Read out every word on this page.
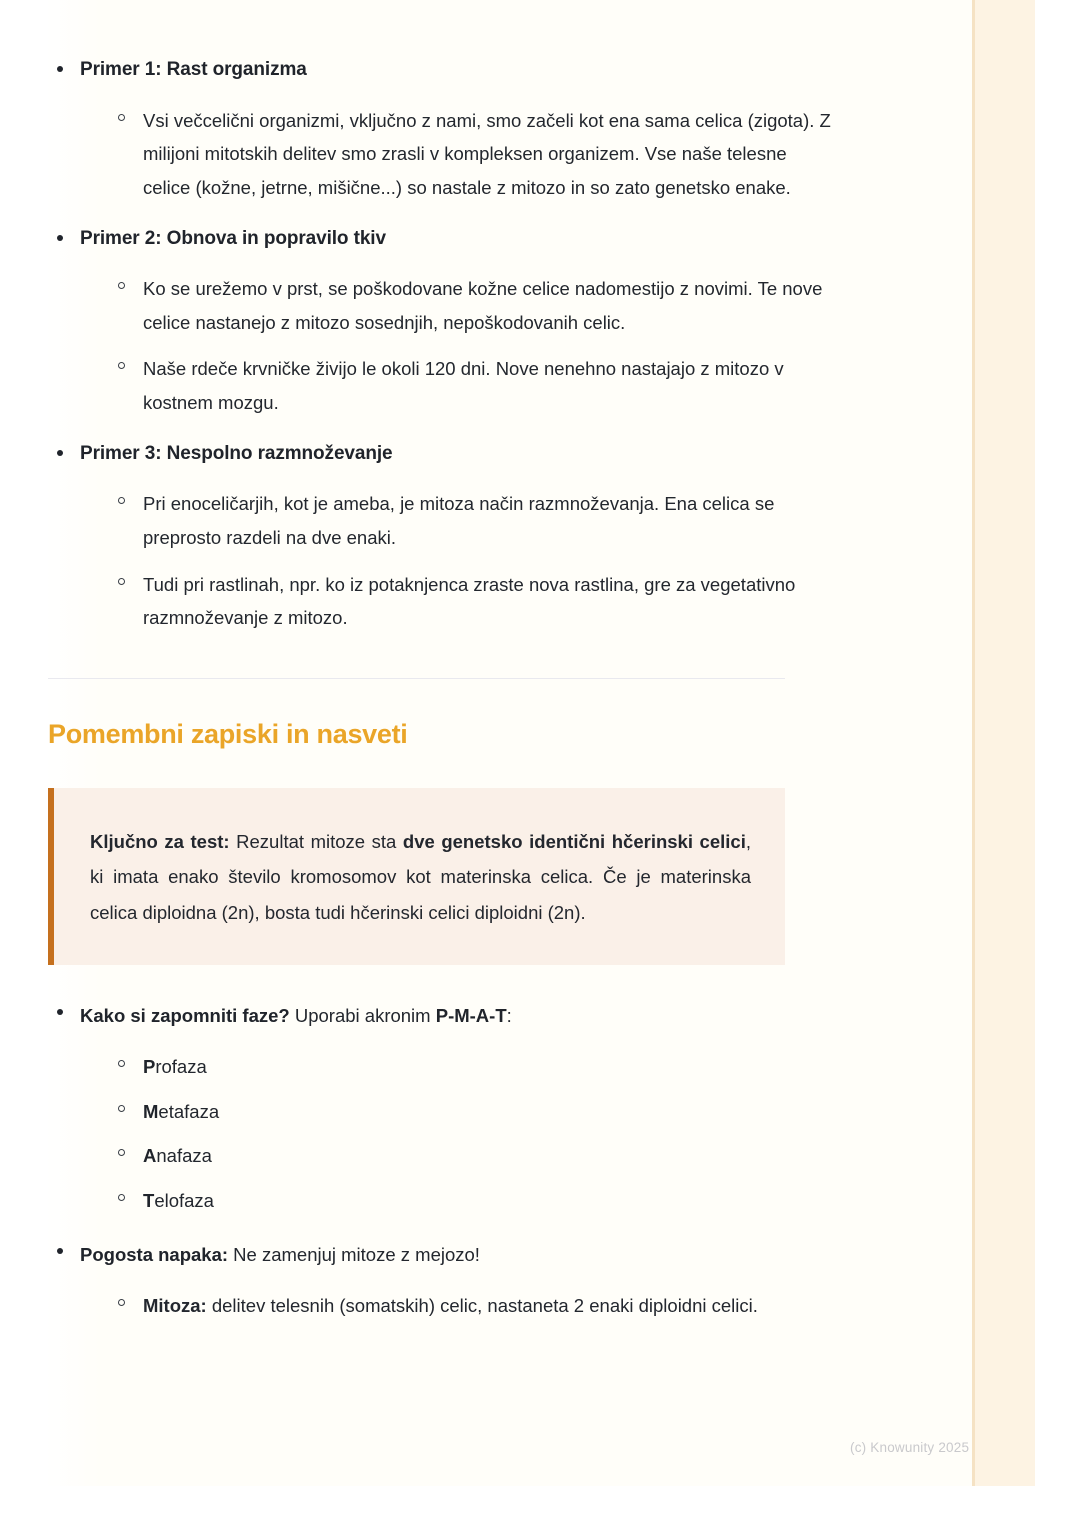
Primer 1: Rast organizma
Vsi večcelični organizmi, vključno z nami, smo začeli kot ena sama celica (zigota). Z milijoni mitotskih delitev smo zrasli v kompleksen organizem. Vse naše telesne celice (kožne, jetrne, mišične...) so nastale z mitozo in so zato genetsko enake.
Primer 2: Obnova in popravilo tkiv
Ko se urežemo v prst, se poškodovane kožne celice nadomestijo z novimi. Te nove celice nastanejo z mitozo sosednjih, nepoškodovanih celic.
Naše rdeče krvničke živijo le okoli 120 dni. Nove nenehno nastajajo z mitozo v kostnem mozgu.
Primer 3: Nespolno razmnoževanje
Pri enoceličarjih, kot je ameba, je mitoza način razmnoževanja. Ena celica se preprosto razdeli na dve enaki.
Tudi pri rastlinah, npr. ko iz potaknjenca zraste nova rastlina, gre za vegetativno razmnoževanje z mitozo.
Pomembni zapiski in nasveti

Ključno za test: Rezultat mitoze sta dve genetsko identični hčerinski celici, ki imata enako število kromosomov kot materinska celica. Če je materinska celica diploidna (2n), bosta tudi hčerinski celici diploidni (2n).

Kako si zapomniti faze? Uporabi akronim P-M-A-T:
Profaza
Metafaza
Anafaza
Telofaza
Pogosta napaka: Ne zamenjuj mitoze z mejozo!
Mitoza: delitev telesnih (somatskih) celic, nastaneta 2 enaki diploidni celici.
(c) Knowunity 2025
